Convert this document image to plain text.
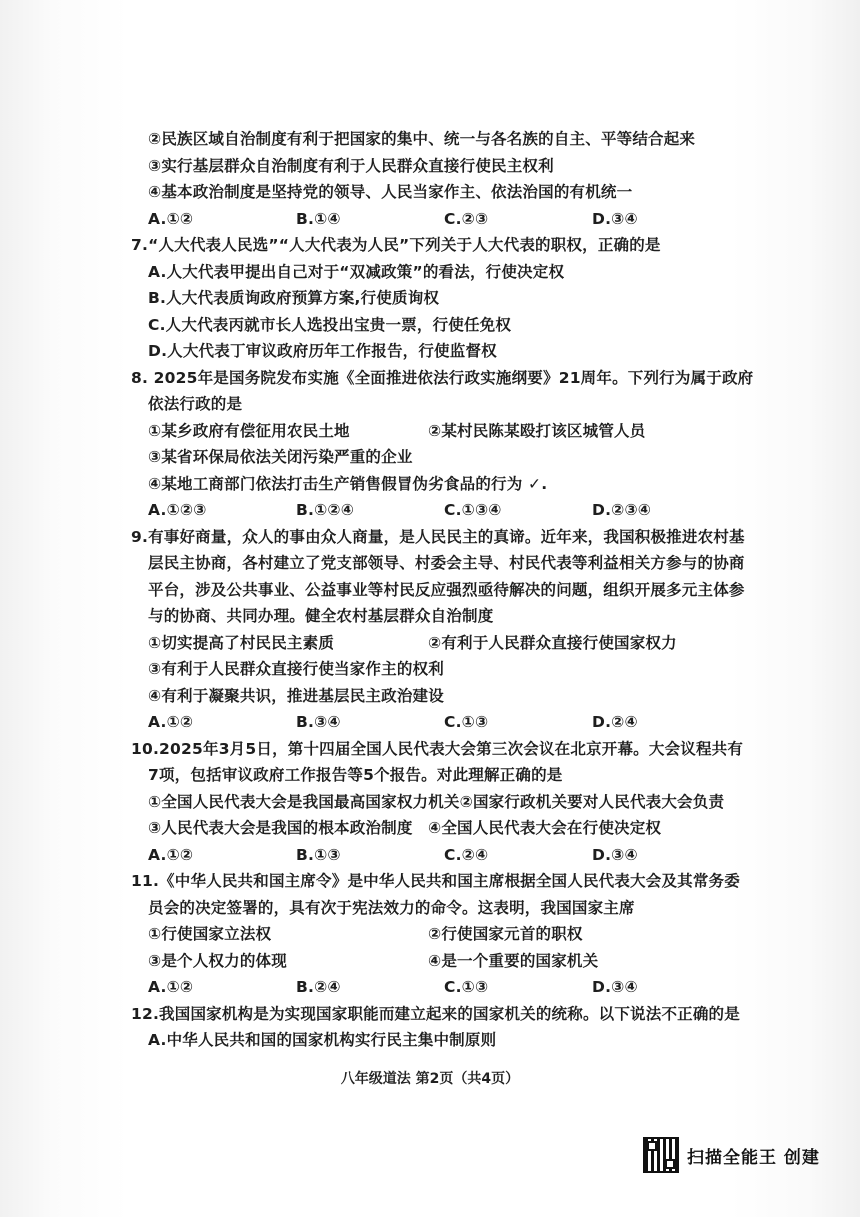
②民族区域自治制度有利于把国家的集中、统一与各名族的自主、平等结合起来
③实行基层群众自治制度有利于人民群众直接行使民主权利
④基本政治制度是坚持党的领导、人民当家作主、依法治国的有机统一
A.①②	B.①④	C.②③	D.③④
7.“人大代表人民选”“人大代表为人民”下列关于人大代表的职权，正确的是
A.人大代表甲提出自己对于“双减政策”的看法，行使决定权
B.人大代表质询政府预算方案,行使质询权
C.人大代表丙就市长人选投出宝贵一票，行使任免权
D.人大代表丁审议政府历年工作报告，行使监督权
8. 2025年是国务院发布实施《全面推进依法行政实施纲要》21周年。下列行为属于政府
依法行政的是
①某乡政府有偿征用农民土地	②某村民陈某殴打该区城管人员
③某省环保局依法关闭污染严重的企业
④某地工商部门依法打击生产销售假冒伪劣食品的行为 ✓.
A.①②③	B.①②④	C.①③④	D.②③④
9.有事好商量，众人的事由众人商量，是人民民主的真谛。近年来，我国积极推进农村基
层民主协商，各村建立了党支部领导、村委会主导、村民代表等利益相关方参与的协商
平台，涉及公共事业、公益事业等村民反应强烈亟待解决的问题，组织开展多元主体参
与的协商、共同办理。健全农村基层群众自治制度
①切实提高了村民民主素质	②有利于人民群众直接行使国家权力
③有利于人民群众直接行使当家作主的权利
④有利于凝聚共识，推进基层民主政治建设
A.①②	B.③④	C.①③	D.②④
10.2025年3月5日，第十四届全国人民代表大会第三次会议在北京开幕。大会议程共有
7项，包括审议政府工作报告等5个报告。对此理解正确的是
①全国人民代表大会是我国最高国家权力机关②国家行政机关要对人民代表大会负责
③人民代表大会是我国的根本政治制度 ④全国人民代表大会在行使决定权
A.①②	B.①③	C.②④	D.③④
11.《中华人民共和国主席令》是中华人民共和国主席根据全国人民代表大会及其常务委
员会的决定签署的，具有次于宪法效力的命令。这表明，我国国家主席
①行使国家立法权	②行使国家元首的职权
③是个人权力的体现	④是一个重要的国家机关
A.①②	B.②④	C.①③	D.③④
12.我国国家机构是为实现国家职能而建立起来的国家机关的统称。以下说法不正确的是
A.中华人民共和国的国家机构实行民主集中制原则
八年级道法 第2页（共4页）
扫描全能王 创建
